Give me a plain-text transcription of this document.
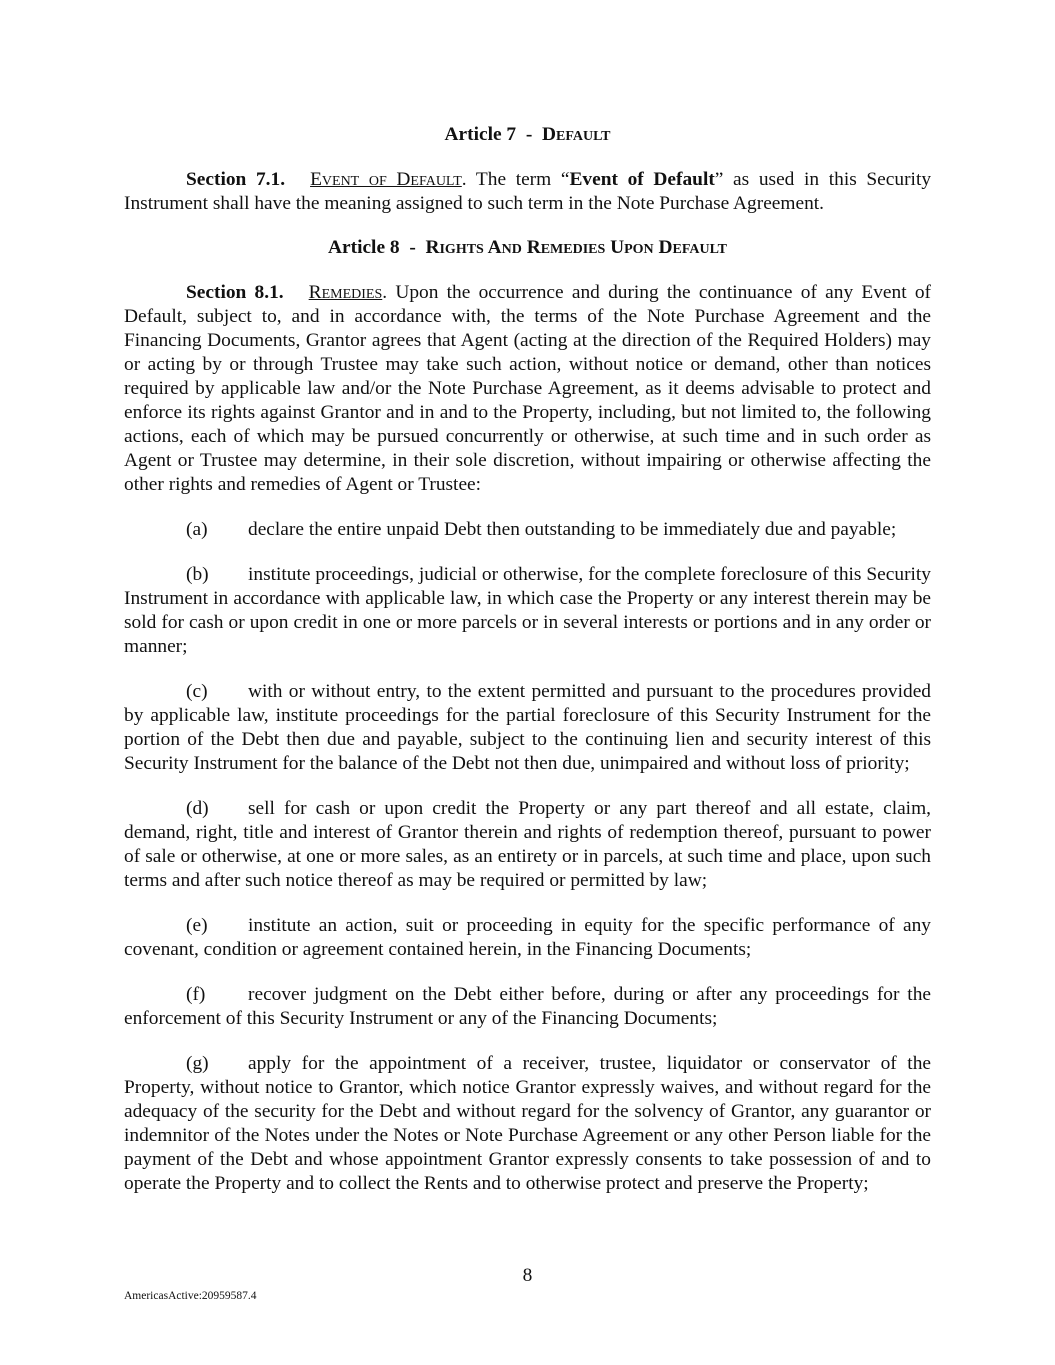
Article 7 - Default

Section 7.1. Event of Default. The term “Event of Default” as used in this Security Instrument shall have the meaning assigned to such term in the Note Purchase Agreement.

Article 8 - Rights And Remedies Upon Default

Section 8.1. Remedies. Upon the occurrence and during the continuance of any Event of Default, subject to, and in accordance with, the terms of the Note Purchase Agreement and the Financing Documents, Grantor agrees that Agent (acting at the direction of the Required Holders) may or acting by or through Trustee may take such action, without notice or demand, other than notices required by applicable law and/or the Note Purchase Agreement, as it deems advisable to protect and enforce its rights against Grantor and in and to the Property, including, but not limited to, the following actions, each of which may be pursued concurrently or otherwise, at such time and in such order as Agent or Trustee may determine, in their sole discretion, without impairing or otherwise affecting the other rights and remedies of Agent or Trustee:

(a) declare the entire unpaid Debt then outstanding to be immediately due and payable;

(b) institute proceedings, judicial or otherwise, for the complete foreclosure of this Security Instrument in accordance with applicable law, in which case the Property or any interest therein may be sold for cash or upon credit in one or more parcels or in several interests or portions and in any order or manner;

(c) with or without entry, to the extent permitted and pursuant to the procedures provided by applicable law, institute proceedings for the partial foreclosure of this Security Instrument for the portion of the Debt then due and payable, subject to the continuing lien and security interest of this Security Instrument for the balance of the Debt not then due, unimpaired and without loss of priority;

(d) sell for cash or upon credit the Property or any part thereof and all estate, claim, demand, right, title and interest of Grantor therein and rights of redemption thereof, pursuant to power of sale or otherwise, at one or more sales, as an entirety or in parcels, at such time and place, upon such terms and after such notice thereof as may be required or permitted by law;

(e) institute an action, suit or proceeding in equity for the specific performance of any covenant, condition or agreement contained herein, in the Financing Documents;

(f) recover judgment on the Debt either before, during or after any proceedings for the enforcement of this Security Instrument or any of the Financing Documents;

(g) apply for the appointment of a receiver, trustee, liquidator or conservator of the Property, without notice to Grantor, which notice Grantor expressly waives, and without regard for the adequacy of the security for the Debt and without regard for the solvency of Grantor, any guarantor or indemnitor of the Notes under the Notes or Note Purchase Agreement or any other Person liable for the payment of the Debt and whose appointment Grantor expressly consents to take possession of and to operate the Property and to collect the Rents and to otherwise protect and preserve the Property;

8
AmericasActive:20959587.4
